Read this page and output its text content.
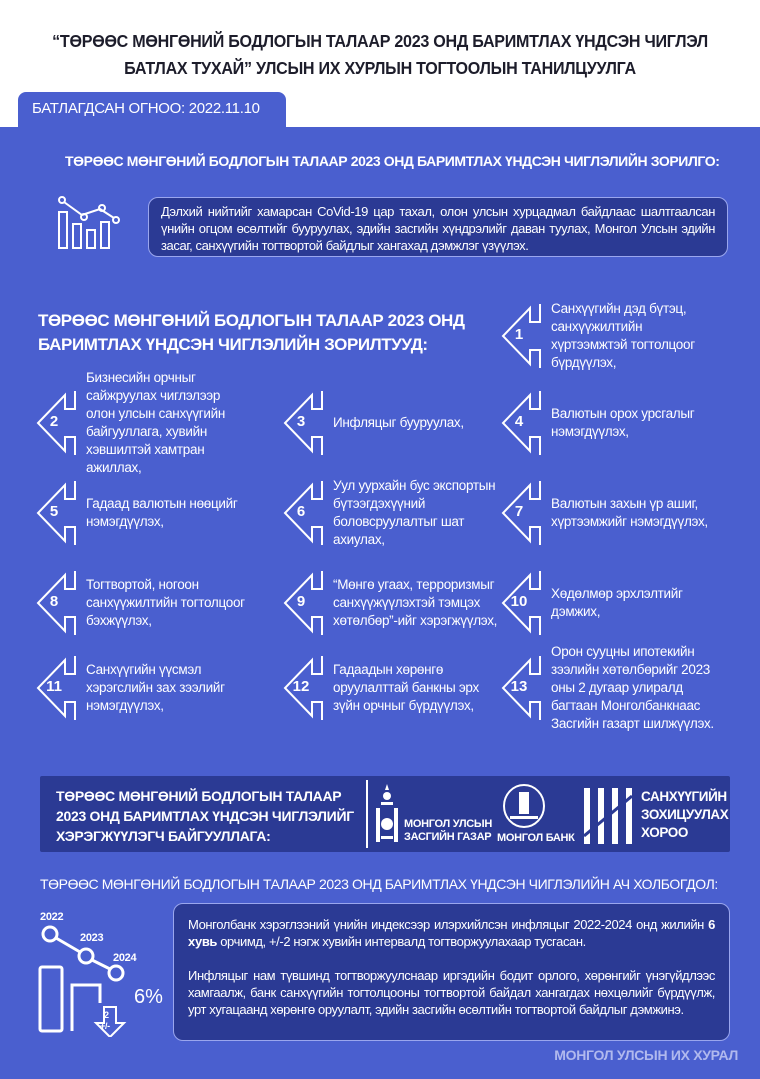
“ТӨРӨӨС МӨНГӨНИЙ БОДЛОГЫН ТАЛААР 2023 ОНД БАРИМТЛАХ ҮНДСЭН ЧИГЛЭЛ
БАТЛАХ ТУХАЙ” УЛСЫН ИХ ХУРЛЫН ТОГТООЛЫН ТАНИЛЦУУЛГА
БАТЛАГДСАН ОГНОО: 2022.11.10
ТӨРӨӨС МӨНГӨНИЙ БОДЛОГЫН ТАЛААР 2023 ОНД БАРИМТЛАХ ҮНДСЭН ЧИГЛЭЛИЙН ЗОРИЛГО:
Дэлхий нийтийг хамарсан CoVid-19 цар тахал, олон улсын хурцадмал байдлаас шалтгаалсан үнийн огцом өсөлтийг бууруулах, эдийн засгийн хүндрэлийг даван туулах, Монгол Улсын эдийн засаг, санхүүгийн тогтвортой байдлыг хангахад дэмжлэг үзүүлэх.
ТӨРӨӨС МӨНГӨНИЙ БОДЛОГЫН ТАЛААР 2023 ОНД
БАРИМТЛАХ ҮНДСЭН ЧИГЛЭЛИЙН ЗОРИЛТУУД:
1
Санхүүгийн дэд бүтэц, санхүүжилтийн хүртээмжтэй тогтолцоог бүрдүүлэх,
2
Бизнесийн орчныг сайжруулах чиглэлээр олон улсын санхүүгийн байгууллага, хувийн хэвшилтэй хамтран ажиллах,
3	Инфляцыг бууруулах,	4	Валютын орох урсгалыг нэмэгдүүлэх,
5	Гадаад валютын нөөцийг нэмэгдүүлэх,
6
Уул уурхайн бус экспортын бүтээгдэхүүний боловсруулалтыг шат ахиулах,
7	Валютын захын үр ашиг, хүртээмжийг нэмэгдүүлэх,
8
Тогтвортой, ногоон санхүүжилтийн тогтолцоог бэхжүүлэх,
9
“Мөнгө угаах, терроризмыг санхүүжүүлэхтэй тэмцэх хөтөлбөр”-ийг хэрэгжүүлэх,
10	Хөдөлмөр эрхлэлтийг дэмжих,
11
Санхүүгийн үүсмэл хэрэгслийн зах зээлийг нэмэгдүүлэх,
12
Гадаадын хөрөнгө оруулалттай банкны эрх зүйн орчныг бүрдүүлэх,
13
Орон сууцны ипотекийн зээлийн хөтөлбөрийг 2023 оны 2 дугаар улиралд багтаан Монголбанкнаас Засгийн газарт шилжүүлэх.
ТӨРӨӨС МӨНГӨНИЙ БОДЛОГЫН ТАЛААР
2023 ОНД БАРИМТЛАХ ҮНДСЭН ЧИГЛЭЛИЙГ
ХЭРЭГЖҮҮЛЭГЧ БАЙГУУЛЛАГА:
МОНГОЛ УЛСЫН
ЗАСГИЙН ГАЗАР МОНГОЛ БАНК
САНХҮҮГИЙН
ЗОХИЦУУЛАХ
ХОРОО
ТӨРӨӨС МӨНГӨНИЙ БОДЛОГЫН ТАЛААР 2023 ОНД БАРИМТЛАХ ҮНДСЭН ЧИГЛЭЛИЙН АЧ ХОЛБОГДОЛ:
2022
2023
2024
2
+/-
6%

Монголбанк хэрэглээний үнийн индексээр илэрхийлсэн инфляцыг 2022-2024 онд жилийн 6 хувь орчимд, +/-2 нэгж хувийн интервалд тогтворжуулахаар тусгасан.

Инфляцыг нам түвшинд тогтворжуулснаар иргэдийн бодит орлого, хөрөнгийг үнэгүйдлээс хамгаалж, банк санхүүгийн тогтолцооны тогтвортой байдал хангагдах нөхцөлийг бүрдүүлж, урт хугацаанд хөрөнгө оруулалт, эдийн засгийн өсөлтийн тогтвортой байдлыг дэмжинэ.

МОНГОЛ УЛСЫН ИХ ХУРАЛ
